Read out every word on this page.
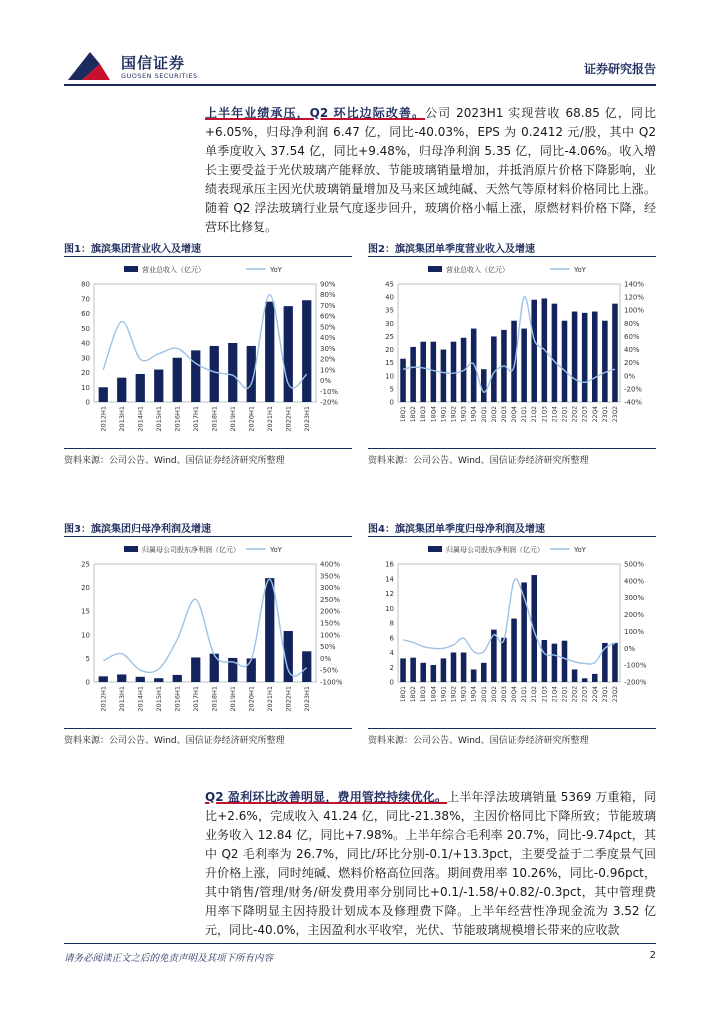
国信证券
GUOSEN SECURITIES	证券研究报告
上半年业绩承压，Q2 环比边际改善。公司 2023H1 实现营收 68.85 亿，同比+6.05%，归母净利润 6.47 亿，同比-40.03%，EPS 为 0.2412 元/股，其中 Q2 单季度收入 37.54 亿，同比+9.48%，归母净利润 5.35 亿，同比-4.06%。收入增长主要受益于光伏玻璃产能释放、节能玻璃销量增加，并抵消原片价格下降影响，业绩表现承压主因光伏玻璃销量增加及马来区域纯碱、天然气等原材料价格同比上涨。随着 Q2 浮法玻璃行业景气度逐步回升，玻璃价格小幅上涨，原燃材料价格下降，经营环比修复。
图1：旗滨集团营业收入及增速
营业总收入（亿元）	YoY
0
10
20
30
40
50
60
70
80
-20%
-10%
0%
10%
20%
30%
40%
50%
60%
70%
80%
90%
2012H1 2013H1 2014H1 2015H1 2016H1 2017H1 2018H1 2019H1 2020H1 2021H1 2022H1 2023H1
资料来源：公司公告、Wind、国信证券经济研究所整理
图2：旗滨集团单季度营业收入及增速
营业总收入（亿元）	YoY
0
5
10
15
20
25
30
35
40
45
-40%
-20%
0%
20%
40%
60%
80%
100%
120%
140%
18Q1 18Q2 18Q3 18Q4 19Q1 19Q2 19Q3 19Q4 20Q1 20Q2 20Q3 20Q4 21Q1 21Q2 21Q3 21Q4 22Q1 22Q2 22Q3 22Q4 23Q1 23Q2
资料来源：公司公告、Wind、国信证券经济研究所整理
图3：旗滨集团归母净利润及增速
归属母公司股东净利润（亿元）	YoY
0
5
10
15
20
25
-100%
-50%
0%
50%
100%
150%
200%
250%
300%
350%
400%
2012H1 2013H1 2014H1 2015H1 2016H1 2017H1 2018H1 2019H1 2020H1 2021H1 2022H1 2023H1
资料来源：公司公告、Wind、国信证券经济研究所整理
图4：旗滨集团单季度归母净利润及增速
归属母公司股东净利润（亿元）	YoY
0
2
4
6
8
10
12
14
16
-200%
-100%
0%
100%
200%
300%
400%
500%
18Q1 18Q2 18Q3 18Q4 19Q1 19Q2 19Q3 19Q4 20Q1 20Q2 20Q3 20Q4 21Q1 21Q2 21Q3 21Q4 22Q1 22Q2 22Q3 22Q4 23Q1 23Q2
资料来源：公司公告、Wind、国信证券经济研究所整理
Q2 盈利环比改善明显，费用管控持续优化。上半年浮法玻璃销量 5369 万重箱，同比+2.6%，完成收入 41.24 亿，同比-21.38%，主因价格同比下降所致；节能玻璃业务收入 12.84 亿，同比+7.98%。上半年综合毛利率 20.7%，同比-9.74pct，其中 Q2 毛利率为 26.7%，同比/环比分别-0.1/+13.3pct，主要受益于二季度景气回升价格上涨，同时纯碱、燃料价格高位回落。期间费用率 10.26%，同比-0.96pct，其中销售/管理/财务/研发费用率分别同比+0.1/-1.58/+0.82/-0.3pct，其中管理费用率下降明显主因持股计划成本及修理费下降。上半年经营性净现金流为 3.52 亿元，同比-40.0%，主因盈利水平收窄，光伏、节能玻璃规模增长带来的应收款
请务必阅读正文之后的免责声明及其项下所有内容	2
